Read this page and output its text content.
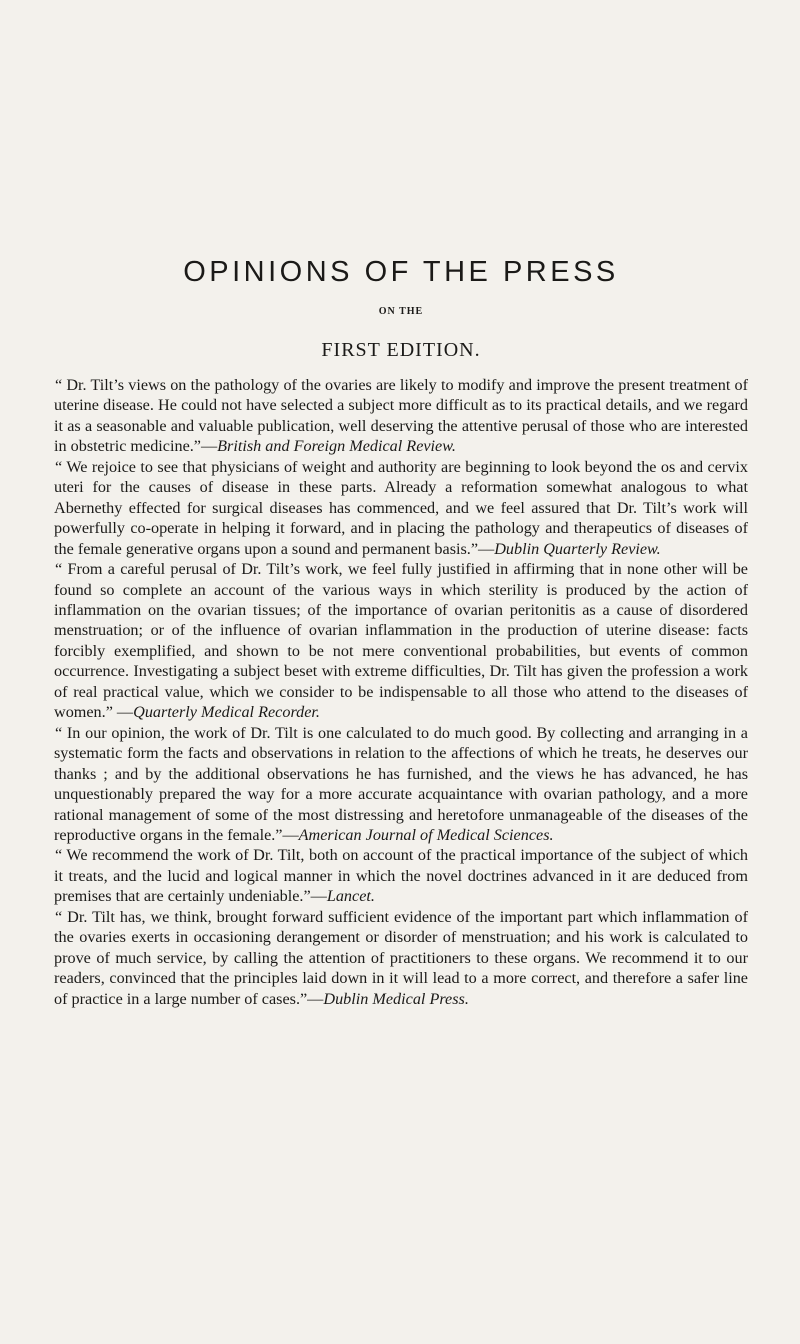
OPINIONS OF THE PRESS
ON THE
FIRST EDITION.

“ Dr. Tilt’s views on the pathology of the ovaries are likely to modify and improve the present treatment of uterine disease. He could not have selected a subject more difficult as to its practical details, and we regard it as a seasonable and valuable publication, well deserving the attentive perusal of those who are interested in obstetric medicine.”—British and Foreign Medical Review.

“ We rejoice to see that physicians of weight and authority are beginning to look beyond the os and cervix uteri for the causes of disease in these parts. Already a reformation somewhat analogous to what Abernethy effected for surgical diseases has commenced, and we feel assured that Dr. Tilt’s work will powerfully co-operate in helping it forward, and in placing the pathology and therapeutics of diseases of the female generative organs upon a sound and permanent basis.”—Dublin Quarterly Review.

“ From a careful perusal of Dr. Tilt’s work, we feel fully justified in affirming that in none other will be found so complete an account of the various ways in which sterility is produced by the action of inflammation on the ovarian tissues; of the importance of ovarian peritonitis as a cause of disordered menstruation; or of the influence of ovarian inflammation in the production of uterine disease: facts forcibly exemplified, and shown to be not mere conventional probabilities, but events of common occurrence. Investigating a subject beset with extreme difficulties, Dr. Tilt has given the profession a work of real practical value, which we consider to be indispensable to all those who attend to the diseases of women.” —Quarterly Medical Recorder.

“ In our opinion, the work of Dr. Tilt is one calculated to do much good. By collecting and arranging in a systematic form the facts and observations in relation to the affections of which he treats, he deserves our thanks ; and by the additional observations he has furnished, and the views he has advanced, he has unquestionably prepared the way for a more accurate acquaintance with ovarian pathology, and a more rational management of some of the most distressing and heretofore unmanageable of the diseases of the reproductive organs in the female.”—American Journal of Medical Sciences.

“ We recommend the work of Dr. Tilt, both on account of the practical importance of the subject of which it treats, and the lucid and logical manner in which the novel doctrines advanced in it are deduced from premises that are certainly undeniable.”—Lancet.

“ Dr. Tilt has, we think, brought forward sufficient evidence of the important part which inflammation of the ovaries exerts in occasioning derangement or disorder of menstruation; and his work is calculated to prove of much service, by calling the attention of practitioners to these organs. We recommend it to our readers, convinced that the principles laid down in it will lead to a more correct, and therefore a safer line of practice in a large number of cases.”—Dublin Medical Press.
